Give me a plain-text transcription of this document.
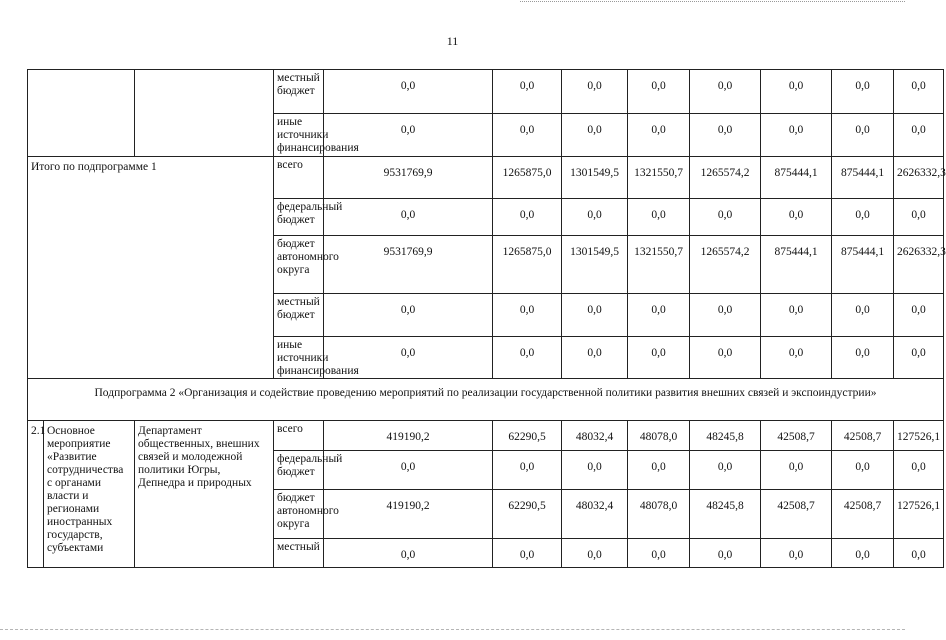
11
			местный бюджет	0,0	0,0	0,0	0,0	0,0	0,0	0,0	0,0
			иные источники финансирования	0,0	0,0	0,0	0,0	0,0	0,0	0,0	0,0
Итого по подпрограмме 1			всего	9531769,9	1265875,0	1301549,5	1321550,7	1265574,2	875444,1	875444,1	2626332,3
			федеральный бюджет	0,0	0,0	0,0	0,0	0,0	0,0	0,0	0,0
			бюджет автономного округа	9531769,9	1265875,0	1301549,5	1321550,7	1265574,2	875444,1	875444,1	2626332,3
			местный бюджет	0,0	0,0	0,0	0,0	0,0	0,0	0,0	0,0
			иные источники финансирования	0,0	0,0	0,0	0,0	0,0	0,0	0,0	0,0
Подпрограмма 2 «Организация и содействие проведению мероприятий по реализации государственной политики развития внешних связей и экспоиндустрии»											
2.1	Основное мероприятие «Развитие сотрудничества с органами власти и регионами иностранных государств, субъектами	Департамент общественных, внешних связей и молодежной политики Югры, Депнедра и природных	всего	419190,2	62290,5	48032,4	48078,0	48245,8	42508,7	42508,7	127526,1
			федеральный бюджет	0,0	0,0	0,0	0,0	0,0	0,0	0,0	0,0
			бюджет автономного округа	419190,2	62290,5	48032,4	48078,0	48245,8	42508,7	42508,7	127526,1
			местный	0,0	0,0	0,0	0,0	0,0	0,0	0,0	0,0
